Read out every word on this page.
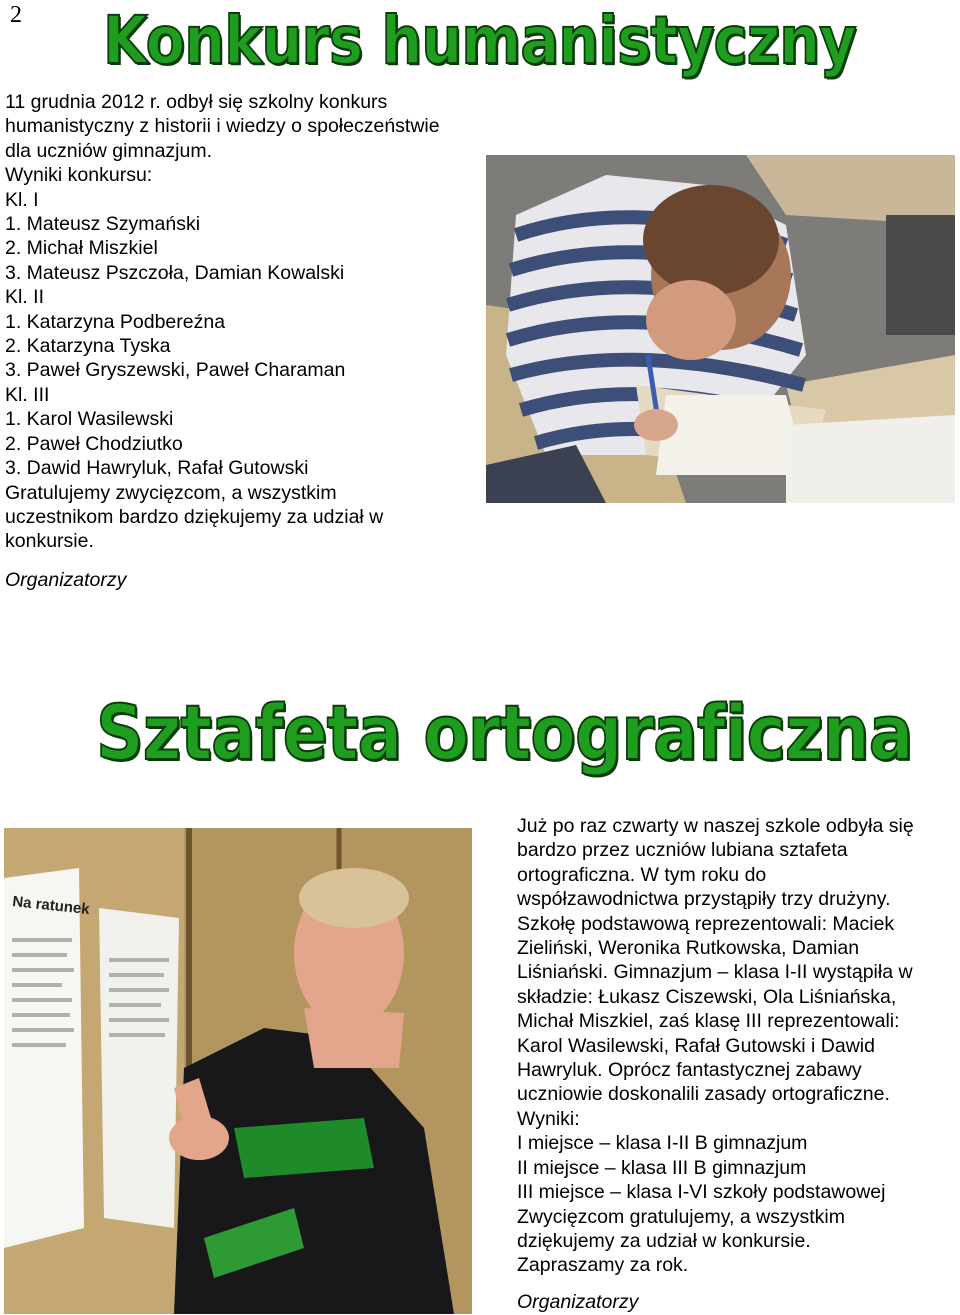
2 Konkurs humanistyczny
11 grudnia 2012 r. odbył się szkolny konkurs
humanistyczny z historii i wiedzy o społeczeństwie
dla uczniów gimnazjum.
Wyniki konkursu:
Kl. I
1. Mateusz Szymański
2. Michał Miszkiel
3. Mateusz Pszczoła, Damian Kowalski
Kl. II
1. Katarzyna Podbereźna
2. Katarzyna Tyska
3. Paweł Gryszewski, Paweł Charaman
Kl. III
1. Karol Wasilewski
2. Paweł Chodziutko
3. Dawid Hawryluk, Rafał Gutowski
Gratulujemy zwycięzcom, a wszystkim
uczestnikom bardzo dziękujemy za udział w
konkursie.
Organizatorzy
Sztafeta ortograficzna
Na ratunek
Już po raz czwarty w naszej szkole odbyła się
bardzo przez uczniów lubiana sztafeta
ortograficzna. W tym roku do
współzawodnictwa przystąpiły trzy drużyny.
Szkołę podstawową reprezentowali: Maciek
Zieliński, Weronika Rutkowska, Damian
Liśniański. Gimnazjum – klasa I-II wystąpiła w
składzie: Łukasz Ciszewski, Ola Liśniańska,
Michał Miszkiel, zaś klasę III reprezentowali:
Karol Wasilewski, Rafał Gutowski i Dawid
Hawryluk. Oprócz fantastycznej zabawy
uczniowie doskonalili zasady ortograficzne.
Wyniki:
I miejsce – klasa I-II B gimnazjum
II miejsce – klasa III B gimnazjum
III miejsce – klasa I-VI szkoły podstawowej
Zwycięzcom gratulujemy, a wszystkim
dziękujemy za udział w konkursie.
Zapraszamy za rok.
Organizatorzy
